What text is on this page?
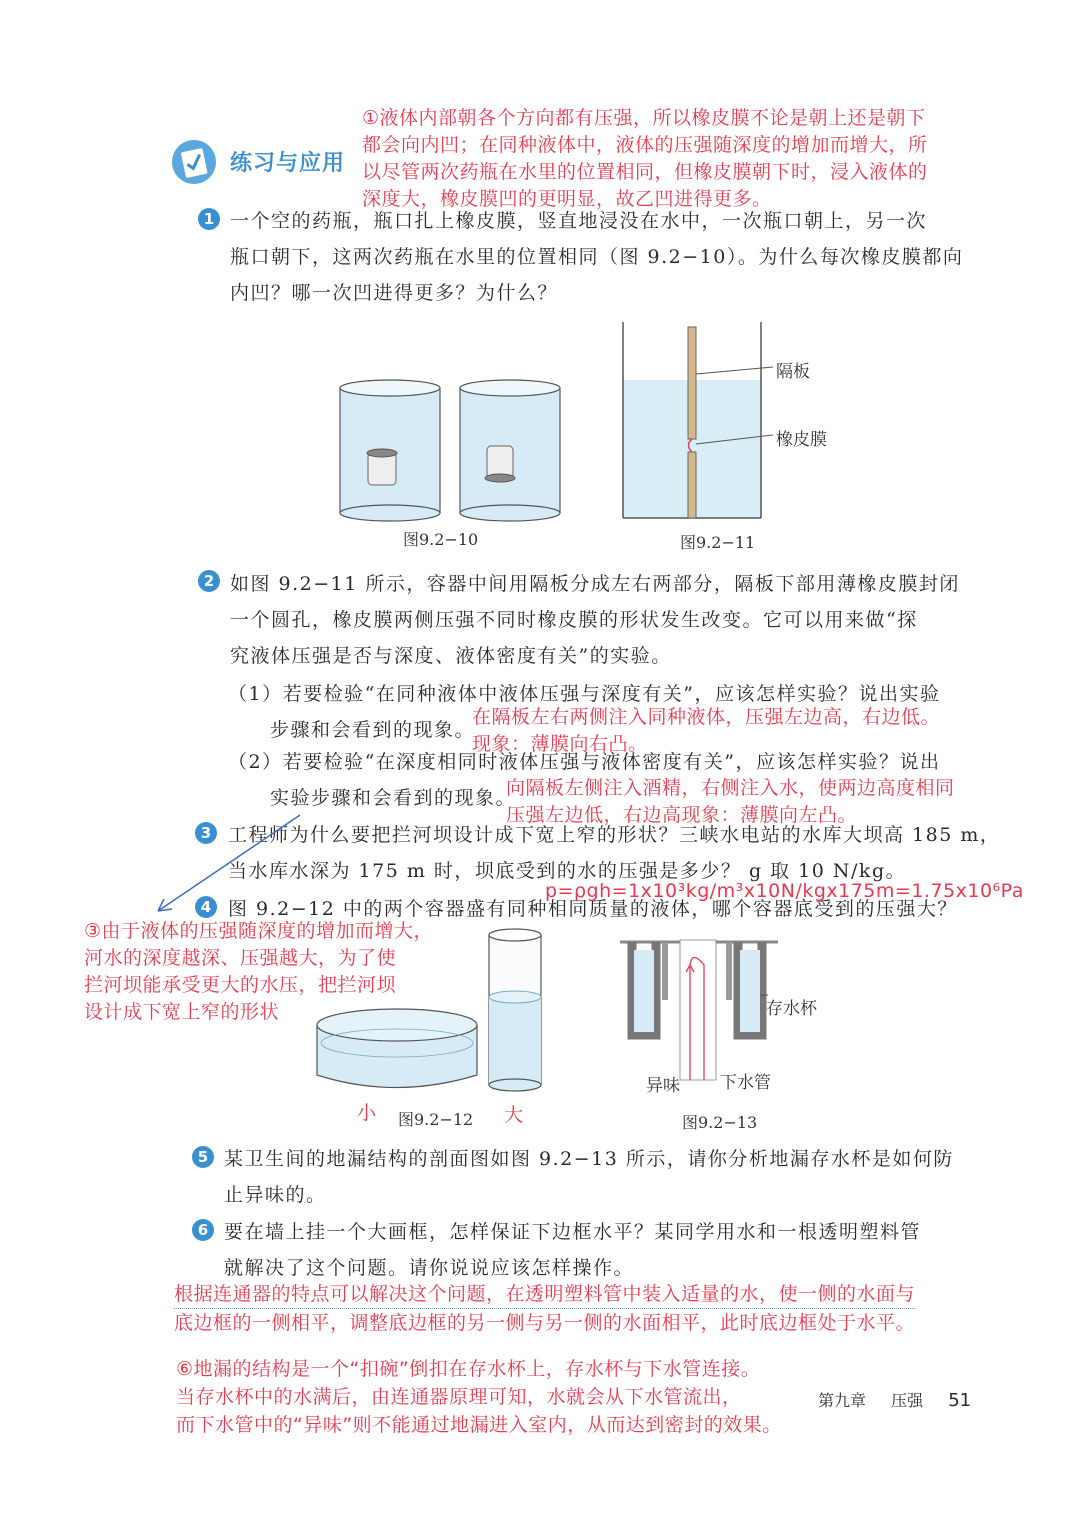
练习与应用
①液体内部朝各个方向都有压强，所以橡皮膜不论是朝上还是朝下
都会向内凹；在同种液体中，液体的压强随深度的增加而增大，所
以尽管两次药瓶在水里的位置相同，但橡皮膜朝下时，浸入液体的
深度大，橡皮膜凹的更明显，故乙凹进得更多。
1 一个空的药瓶，瓶口扎上橡皮膜，竖直地浸没在水中，一次瓶口朝上，另一次
瓶口朝下，这两次药瓶在水里的位置相同（图 9.2−10）。为什么每次橡皮膜都向
内凹？哪一次凹进得更多？为什么？
图9.2−10
隔板
橡皮膜
图9.2−11
2 如图 9.2−11 所示，容器中间用隔板分成左右两部分，隔板下部用薄橡皮膜封闭
一个圆孔，橡皮膜两侧压强不同时橡皮膜的形状发生改变。它可以用来做“探
究液体压强是否与深度、液体密度有关”的实验。
（1）若要检验“在同种液体中液体压强与深度有关”，应该怎样实验？说出实验
步骤和会看到的现象。
在隔板左右两侧注入同种液体，压强左边高，右边低。
现象：薄膜向右凸。
（2）若要检验“在深度相同时液体压强与液体密度有关”，应该怎样实验？说出
实验步骤和会看到的现象。
向隔板左侧注入酒精，右侧注入水，使两边高度相同
压强左边低，右边高现象：薄膜向左凸。
3 工程师为什么要把拦河坝设计成下宽上窄的形状？三峡水电站的水库大坝高 185 m，
当水库水深为 175 m 时，坝底受到的水的压强是多少？ g 取 10 N/kg。
p=ρgh=1x10³kg/m³x10N/kgx175m=1.75x10⁶Pa
4 图 9.2−12 中的两个容器盛有同种相同质量的液体，哪个容器底受到的压强大？
③由于液体的压强随深度的增加而增大，
河水的深度越深、压强越大，为了使
拦河坝能承受更大的水压，把拦河坝
设计成下宽上窄的形状
小 图9.2−12 大
存水杯
异味 下水管
图9.2−13
5 某卫生间的地漏结构的剖面图如图 9.2−13 所示，请你分析地漏存水杯是如何防
止异味的。
6 要在墙上挂一个大画框，怎样保证下边框水平？某同学用水和一根透明塑料管
就解决了这个问题。请你说说应该怎样操作。
根据连通器的特点可以解决这个问题，在透明塑料管中装入适量的水，使一侧的水面与
底边框的一侧相平，调整底边框的另一侧与另一侧的水面相平，此时底边框处于水平。
⑥地漏的结构是一个“扣碗”倒扣在存水杯上，存水杯与下水管连接。
当存水杯中的水满后，由连通器原理可知，水就会从下水管流出，
而下水管中的“异味”则不能通过地漏进入室内，从而达到密封的效果。
第九章 压强 51
